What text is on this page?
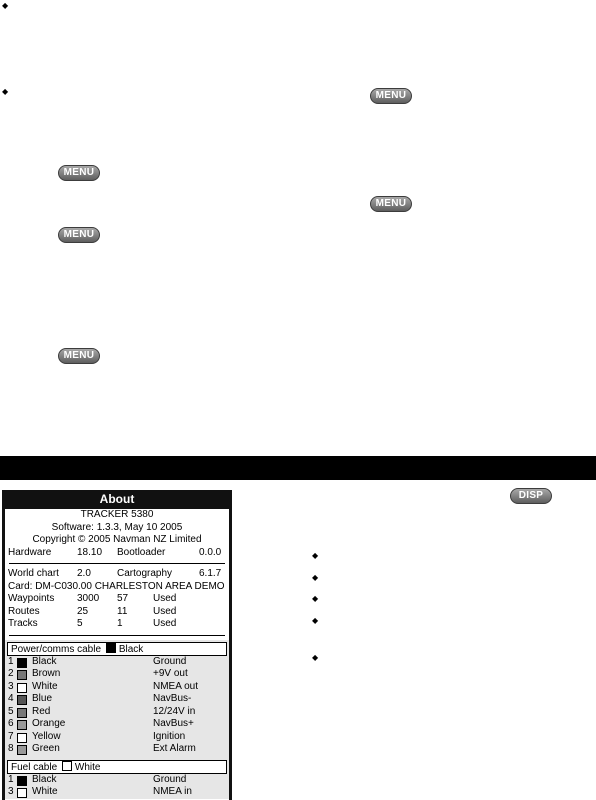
◆
◆
◆
◆
◆
◆
◆
MENU
MENU
MENU
MENU
MENU
DISP
About
TRACKER 5380
Software: 1.3.3, May 10 2005
Copyright © 2005 Navman NZ Limited
Hardware	18.10 Bootloader	0.0.0
World chart 2.0	Cartography	6.1.7
Card: DM-C030.00 CHARLESTON AREA DEMO
Waypoints 3000 57 Used
Routes	25	11	Used
Tracks	5	1	Used
Power/comms cable Black
1 Black	Ground
2 Brown	+9V out
3 White	NMEA out
4 Blue	NavBus-
5 Red	12/24V in
6 Orange	NavBus+
7 Yellow	Ignition
8 Green	Ext Alarm
Fuel cable White
1 Black	Ground
3 White	NMEA in
